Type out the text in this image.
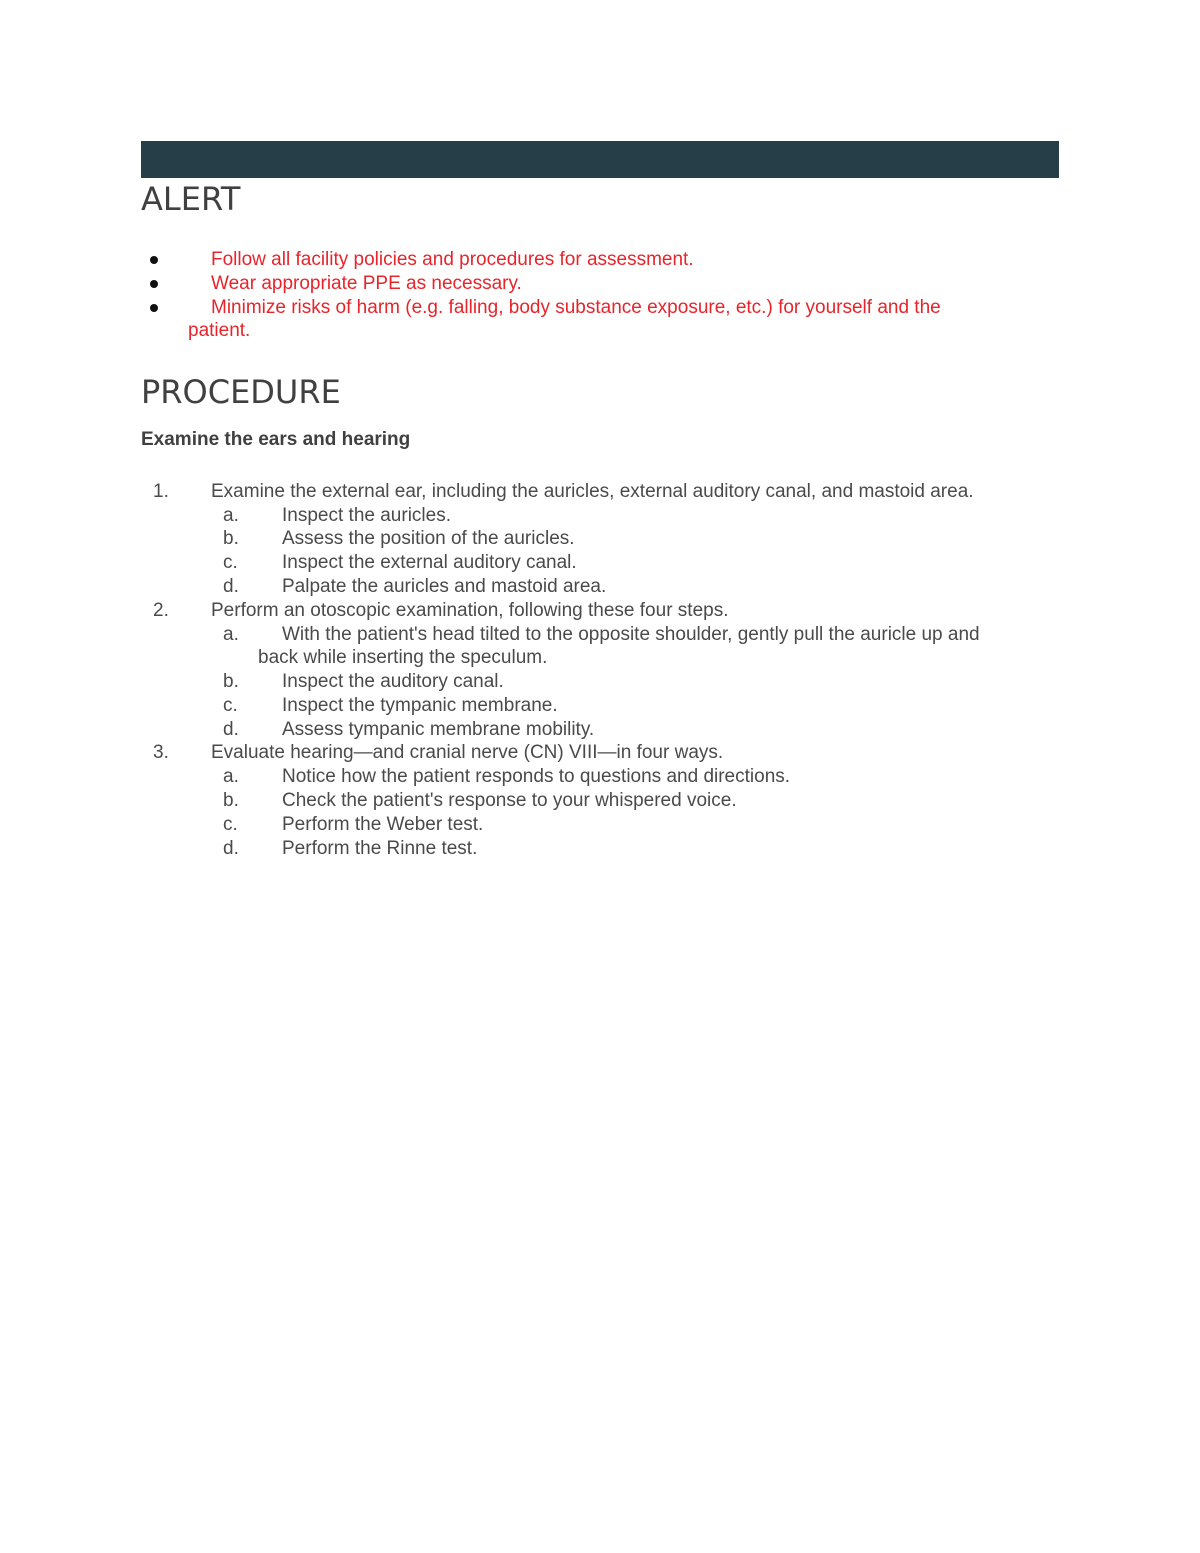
Assessing the Ears
ALERT
Follow all facility policies and procedures for assessment.
Wear appropriate PPE as necessary.
Minimize risks of harm (e.g. falling, body substance exposure, etc.) for yourself and the
patient.
PROCEDURE
Examine the ears and hearing
1. Examine the external ear, including the auricles, external auditory canal, and mastoid area.
a. Inspect the auricles.
b. Assess the position of the auricles.
c. Inspect the external auditory canal.
d. Palpate the auricles and mastoid area.
2. Perform an otoscopic examination, following these four steps.
a. With the patient's head tilted to the opposite shoulder, gently pull the auricle up and
back while inserting the speculum.
b. Inspect the auditory canal.
c. Inspect the tympanic membrane.
d. Assess tympanic membrane mobility.
3. Evaluate hearing—and cranial nerve (CN) VIII—in four ways.
a. Notice how the patient responds to questions and directions.
b. Check the patient's response to your whispered voice.
c. Perform the Weber test.
d. Perform the Rinne test.
